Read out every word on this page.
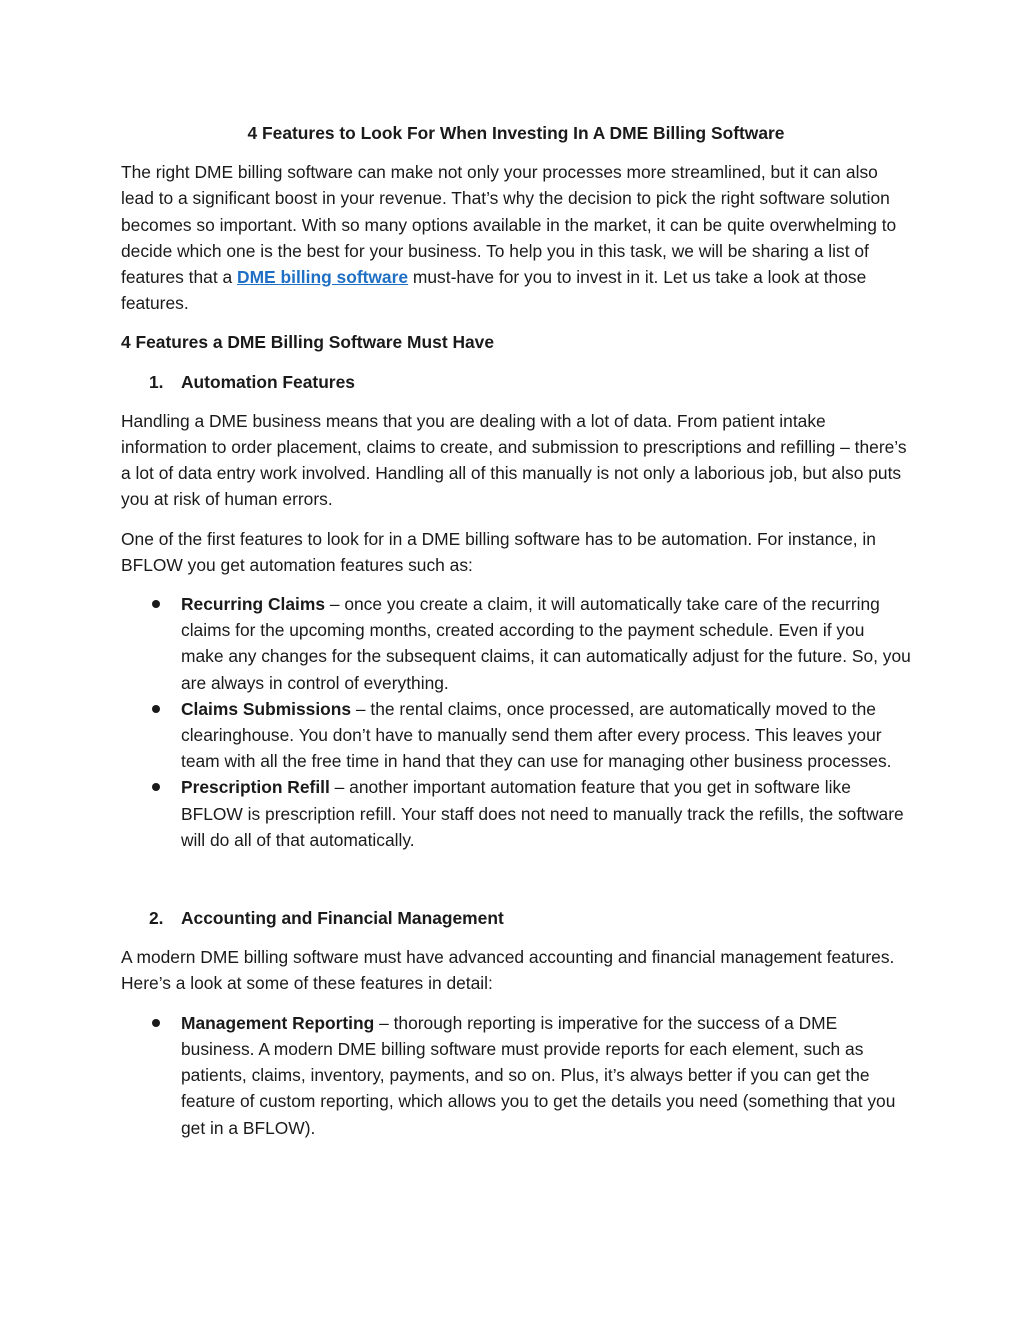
4 Features to Look For When Investing In A DME Billing Software

The right DME billing software can make not only your processes more streamlined, but it can also lead to a significant boost in your revenue. That’s why the decision to pick the right software solution becomes so important. With so many options available in the market, it can be quite overwhelming to decide which one is the best for your business. To help you in this task, we will be sharing a list of features that a DME billing software must-have for you to invest in it. Let us take a look at those features.

4 Features a DME Billing Software Must Have
1.	Automation Features

Handling a DME business means that you are dealing with a lot of data. From patient intake information to order placement, claims to create, and submission to prescriptions and refilling – there’s a lot of data entry work involved. Handling all of this manually is not only a laborious job, but also puts you at risk of human errors.

One of the first features to look for in a DME billing software has to be automation. For instance, in BFLOW you get automation features such as:

Recurring Claims – once you create a claim, it will automatically take care of the recurring claims for the upcoming months, created according to the payment schedule. Even if you make any changes for the subsequent claims, it can automatically adjust for the future. So, you are always in control of everything.
Claims Submissions – the rental claims, once processed, are automatically moved to the clearinghouse. You don’t have to manually send them after every process. This leaves your team with all the free time in hand that they can use for managing other business processes.
Prescription Refill – another important automation feature that you get in software like BFLOW is prescription refill. Your staff does not need to manually track the refills, the software will do all of that automatically.
2.	Accounting and Financial Management

A modern DME billing software must have advanced accounting and financial management features. Here’s a look at some of these features in detail:

Management Reporting – thorough reporting is imperative for the success of a DME business. A modern DME billing software must provide reports for each element, such as patients, claims, inventory, payments, and so on. Plus, it’s always better if you can get the feature of custom reporting, which allows you to get the details you need (something that you get in a BFLOW).
